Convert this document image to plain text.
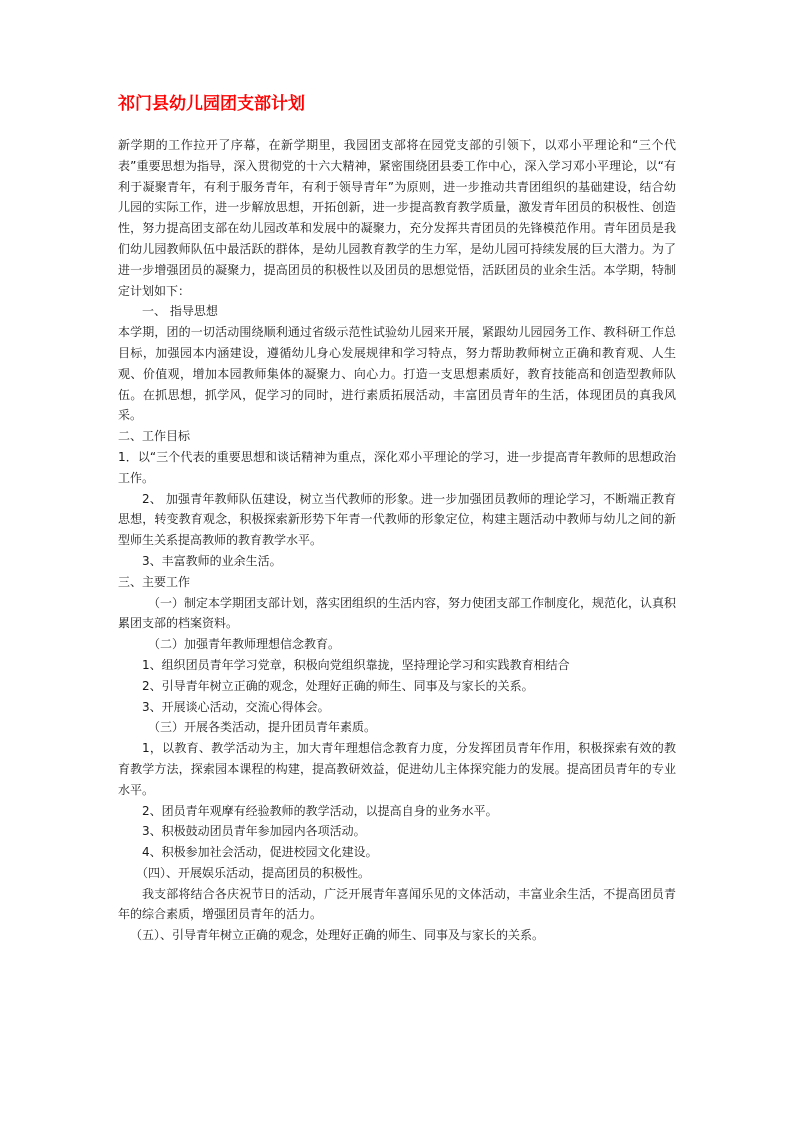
祁门县幼儿园团支部计划

新学期的工作拉开了序幕，在新学期里，我园团支部将在园党支部的引领下，以邓小平理论和“三个代表”重要思想为指导，深入贯彻党的十六大精神，紧密围绕团县委工作中心，深入学习邓小平理论，以“有利于凝聚青年，有利于服务青年，有利于领导青年”为原则，进一步推动共青团组织的基础建设，结合幼儿园的实际工作，进一步解放思想，开拓创新，进一步提高教育教学质量，激发青年团员的积极性、创造性，努力提高团支部在幼儿园改革和发展中的凝聚力，充分发挥共青团员的先锋模范作用。青年团员是我们幼儿园教师队伍中最活跃的群体，是幼儿园教育教学的生力军，是幼儿园可持续发展的巨大潜力。为了进一步增强团员的凝聚力，提高团员的积极性以及团员的思想觉悟，活跃团员的业余生活。本学期，特制定计划如下：

一、 指导思想

本学期，团的一切活动围绕顺利通过省级示范性试验幼儿园来开展，紧跟幼儿园园务工作、教科研工作总目标，加强园本内涵建设，遵循幼儿身心发展规律和学习特点，努力帮助教师树立正确和教育观、人生观、价值观，增加本园教师集体的凝聚力、向心力。打造一支思想素质好，教育技能高和创造型教师队伍。在抓思想，抓学风，促学习的同时，进行素质拓展活动，丰富团员青年的生活，体现团员的真我风采。

二、工作目标

1．以“三个代表的重要思想和谈话精神为重点，深化邓小平理论的学习，进一步提高青年教师的思想政治工作。

2、 加强青年教师队伍建设，树立当代教师的形象。进一步加强团员教师的理论学习，不断端正教育思想，转变教育观念，积极探索新形势下年青一代教师的形象定位，构建主题活动中教师与幼儿之间的新型师生关系提高教师的教育教学水平。

3、丰富教师的业余生活。

三、主要工作

（一）制定本学期团支部计划，落实团组织的生活内容，努力使团支部工作制度化，规范化，认真积累团支部的档案资料。

（二）加强青年教师理想信念教育。

1、组织团员青年学习党章，积极向党组织靠拢，坚持理论学习和实践教育相结合

2、引导青年树立正确的观念，处理好正确的师生、同事及与家长的关系。

3、开展谈心活动，交流心得体会。

（三）开展各类活动，提升团员青年素质。

1，以教育、教学活动为主，加大青年理想信念教育力度，分发挥团员青年作用，积极探索有效的教育教学方法，探索园本课程的构建，提高教研效益，促进幼儿主体探究能力的发展。提高团员青年的专业水平。

2、团员青年观摩有经验教师的教学活动，以提高自身的业务水平。

3、积极鼓动团员青年参加园内各项活动。

4、积极参加社会活动，促进校园文化建设。

（四）、开展娱乐活动，提高团员的积极性。

我支部将结合各庆祝节日的活动，广泛开展青年喜闻乐见的文体活动，丰富业余生活，不提高团员青年的综合素质，增强团员青年的活力。

（五）、引导青年树立正确的观念，处理好正确的师生、同事及与家长的关系。
